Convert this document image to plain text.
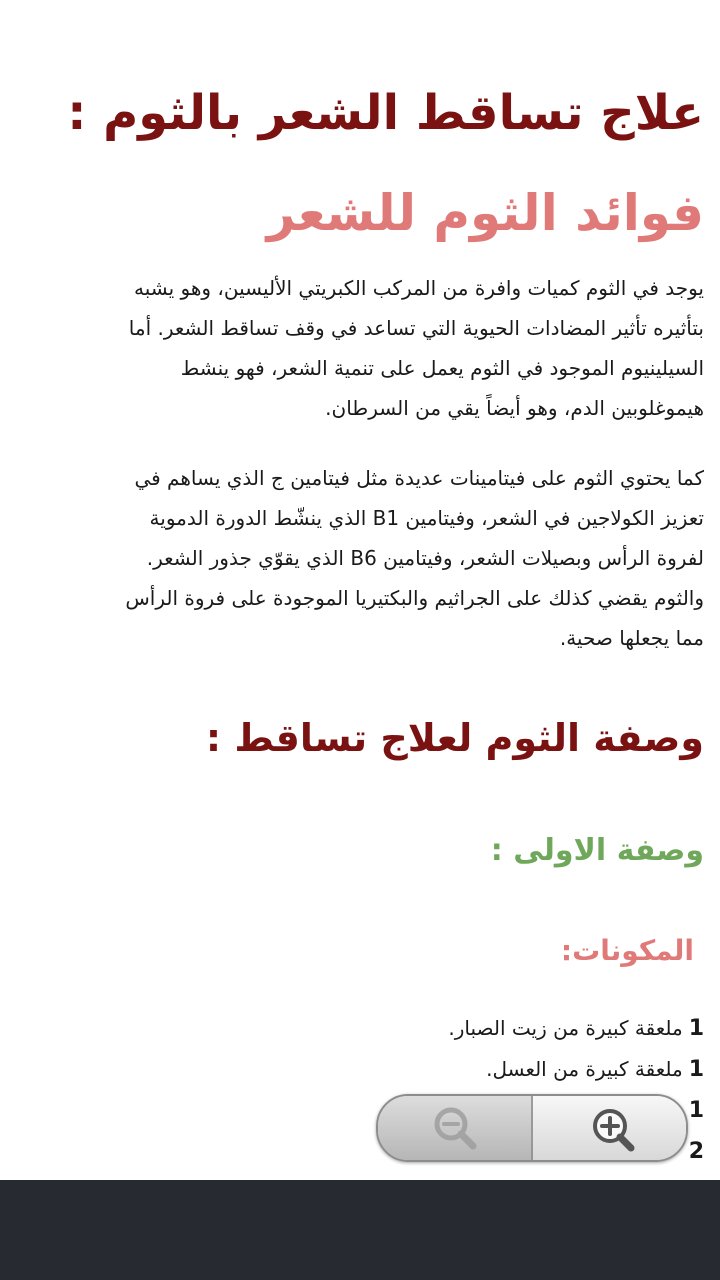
علاج تساقط الشعر بالثوم :
فوائد الثوم للشعر
يوجد في الثوم كميات وافرة من المركب الكبريتي الأليسين، وهو يشبه
بتأثيره تأثير المضادات الحيوية التي تساعد في وقف تساقط الشعر. أما
السيلينيوم الموجود في الثوم يعمل على تنمية الشعر، فهو ينشط
هيموغلوبين الدم، وهو أيضاً يقي من السرطان.
كما يحتوي الثوم على فيتامينات عديدة مثل فيتامين ج الذي يساهم في
تعزيز الكولاجين في الشعر، وفيتامين B1 الذي ينشّط الدورة الدموية
لفروة الرأس وبصيلات الشعر، وفيتامين B6 الذي يقوّي جذور الشعر.
والثوم يقضي كذلك على الجراثيم والبكتيريا الموجودة على فروة الرأس
مما يجعلها صحية.
وصفة الثوم لعلاج تساقط :
وصفة الاولى :
المكونات:
1ملعقة كبيرة من زيت الصبار.
1ملعقة كبيرة من العسل.
1
2
